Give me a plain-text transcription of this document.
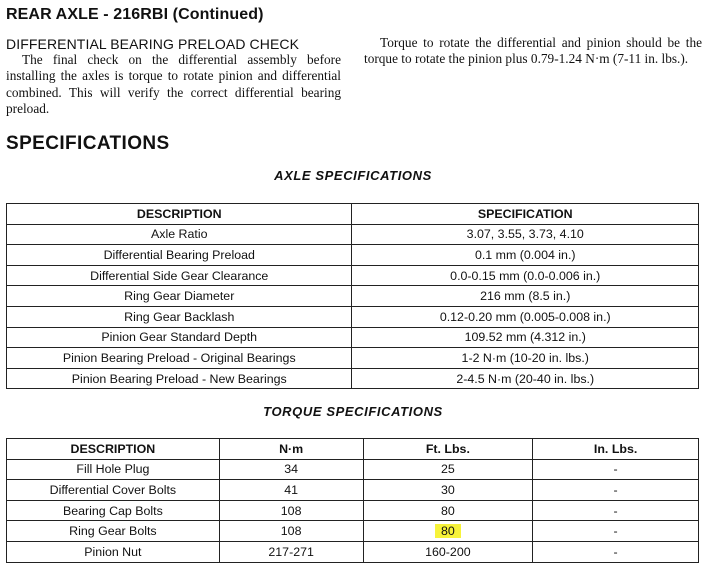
REAR AXLE - 216RBI (Continued)
DIFFERENTIAL BEARING PRELOAD CHECK
The final check on the differential assembly before installing the axles is torque to rotate pinion and differential combined. This will verify the correct differential bearing preload.
Torque to rotate the differential and pinion should be the torque to rotate the pinion plus 0.79-1.24 N·m (7-11 in. lbs.).
SPECIFICATIONS
AXLE SPECIFICATIONS
DESCRIPTION	SPECIFICATION
Axle Ratio	3.07, 3.55, 3.73, 4.10
Differential Bearing Preload	0.1 mm (0.004 in.)
Differential Side Gear Clearance	0.0-0.15 mm (0.0-0.006 in.)
Ring Gear Diameter	216 mm (8.5 in.)
Ring Gear Backlash	0.12-0.20 mm (0.005-0.008 in.)
Pinion Gear Standard Depth	109.52 mm (4.312 in.)
Pinion Bearing Preload - Original Bearings	1-2 N·m (10-20 in. lbs.)
Pinion Bearing Preload - New Bearings	2-4.5 N·m (20-40 in. lbs.)
TORQUE SPECIFICATIONS
DESCRIPTION	N·m	Ft. Lbs.	In. Lbs.
Fill Hole Plug	34	25	-
Differential Cover Bolts	41	30	-
Bearing Cap Bolts	108	80	-
Ring Gear Bolts	108	80	-
Pinion Nut	217-271	160-200	-
